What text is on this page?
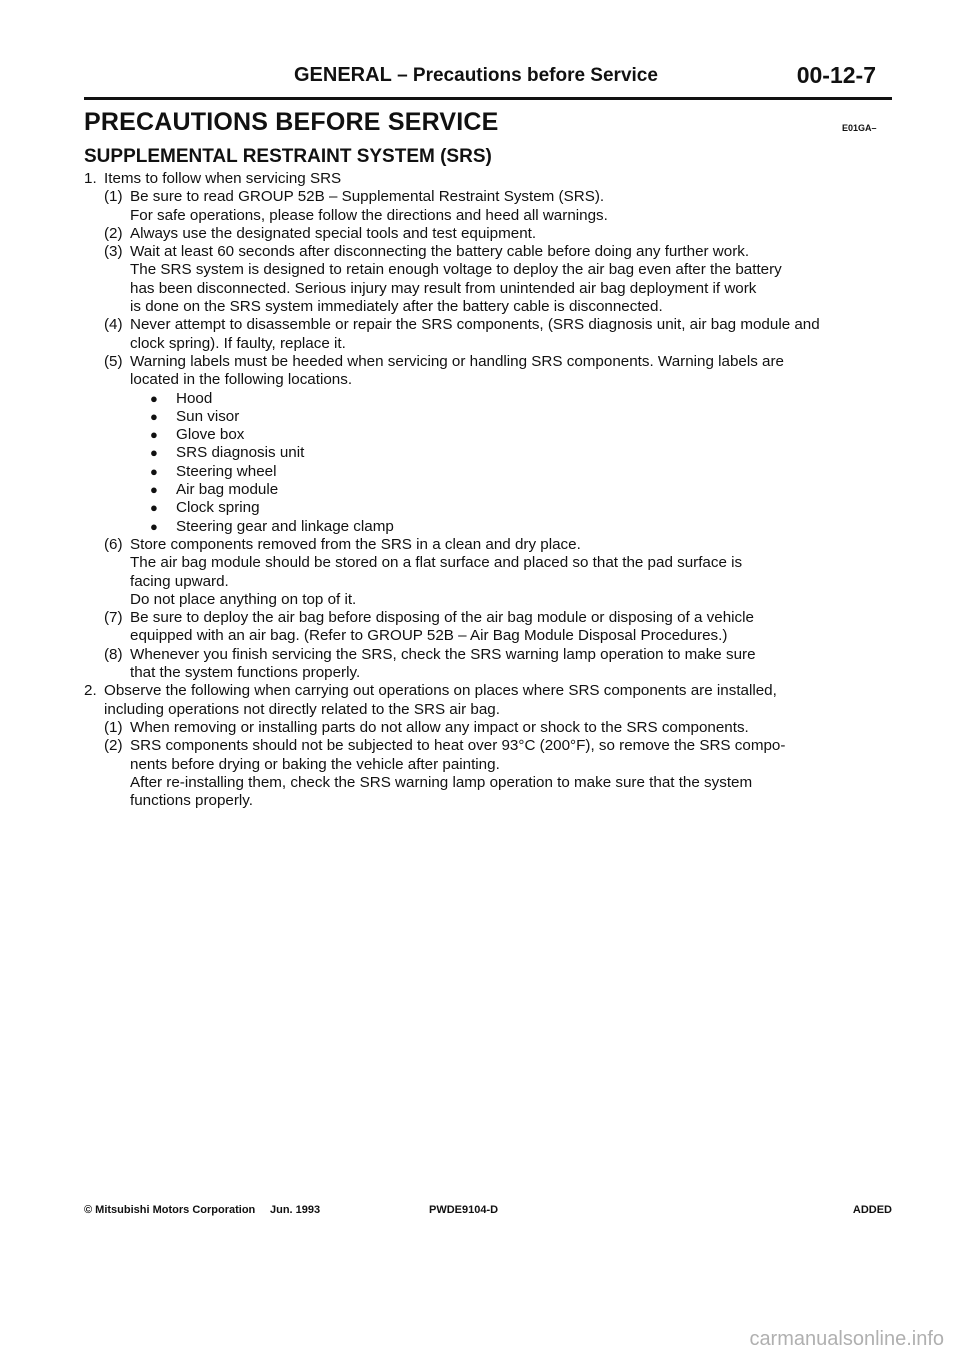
GENERAL – Precautions before Service	00-12-7
PRECAUTIONS BEFORE SERVICE	E01GA–
SUPPLEMENTAL RESTRAINT SYSTEM (SRS)
1. Items to follow when servicing SRS
(1) Be sure to read GROUP 52B – Supplemental Restraint System (SRS).
For safe operations, please follow the directions and heed all warnings.
(2) Always use the designated special tools and test equipment.
(3) Wait at least 60 seconds after disconnecting the battery cable before doing any further work.
The SRS system is designed to retain enough voltage to deploy the air bag even after the battery
has been disconnected. Serious injury may result from unintended air bag deployment if work
is done on the SRS system immediately after the battery cable is disconnected.
(4) Never attempt to disassemble or repair the SRS components, (SRS diagnosis unit, air bag module and
clock spring). If faulty, replace it.
(5) Warning labels must be heeded when servicing or handling SRS components. Warning labels are
located in the following locations.
●	Hood
●	Sun visor
●	Glove box
●	SRS diagnosis unit
●	Steering wheel
●	Air bag module
●	Clock spring
●	Steering gear and linkage clamp
(6) Store components removed from the SRS in a clean and dry place.
The air bag module should be stored on a flat surface and placed so that the pad surface is
facing upward.
Do not place anything on top of it.
(7) Be sure to deploy the air bag before disposing of the air bag module or disposing of a vehicle
equipped with an air bag. (Refer to GROUP 52B – Air Bag Module Disposal Procedures.)
(8) Whenever you finish servicing the SRS, check the SRS warning lamp operation to make sure
that the system functions properly.
2. Observe the following when carrying out operations on places where SRS components are installed,
including operations not directly related to the SRS air bag.
(1) When removing or installing parts do not allow any impact or shock to the SRS components.
(2) SRS components should not be subjected to heat over 93°C (200°F), so remove the SRS compo-
nents before drying or baking the vehicle after painting.
After re-installing them, check the SRS warning lamp operation to make sure that the system
functions properly.
© Mitsubishi Motors Corporation Jun. 1993	PWDE9104-D	ADDED
carmanualsonline.info
